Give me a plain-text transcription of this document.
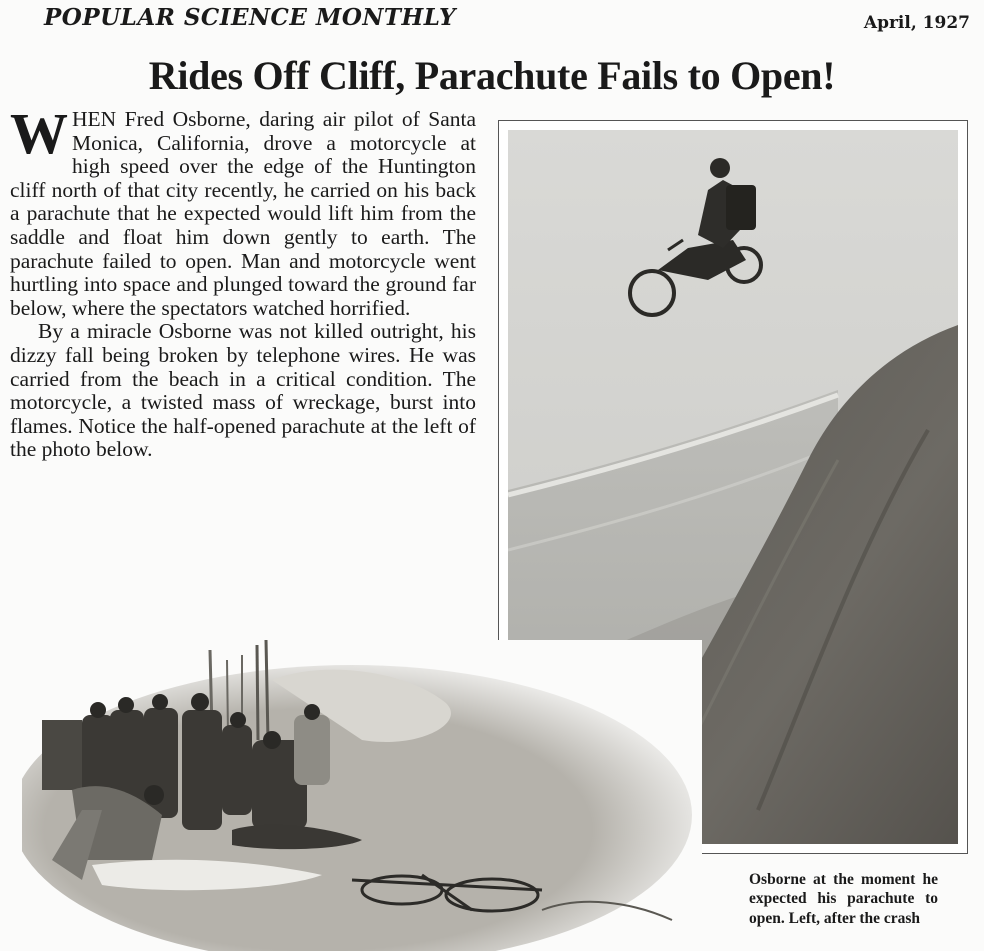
POPULAR SCIENCE MONTHLY	April, 1927
Rides Off Cliff, Parachute Fails to Open!

WHEN Fred Osborne, daring air pilot of Santa Monica, California, drove a motorcycle at high speed over the edge of the Huntington cliff north of that city recently, he carried on his back a parachute that he expected would lift him from the saddle and float him down gently to earth. The parachute failed to open. Man and motorcycle went hurtling into space and plunged toward the ground far below, where the spectators watched horrified.

By a miracle Osborne was not killed outright, his dizzy fall being broken by telephone wires. He was carried from the beach in a critical condition. The motorcycle, a twisted mass of wreckage, burst into flames. Notice the half-opened parachute at the left of the photo below.

Osborne at the moment he expected his parachute to open. Left, after the crash
